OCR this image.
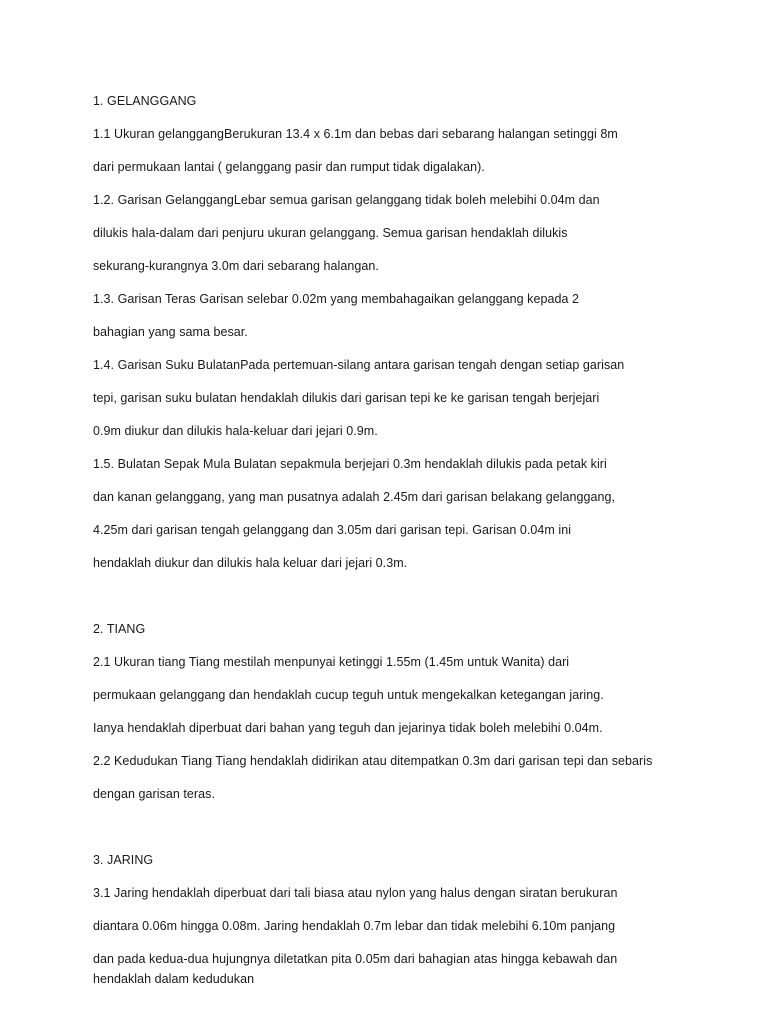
1. GELANGGANG
1.1 Ukuran gelanggangBerukuran 13.4 x 6.1m dan bebas dari sebarang halangan setinggi 8m
dari permukaan lantai ( gelanggang pasir dan rumput tidak digalakan).
1.2. Garisan GelanggangLebar semua garisan gelanggang tidak boleh melebihi 0.04m dan
dilukis hala-dalam dari penjuru ukuran gelanggang. Semua garisan hendaklah dilukis
sekurang-kurangnya 3.0m dari sebarang halangan.
1.3. Garisan Teras Garisan selebar 0.02m yang membahagaikan gelanggang kepada 2
bahagian yang sama besar.
1.4. Garisan Suku BulatanPada pertemuan-silang antara garisan tengah dengan setiap garisan
tepi, garisan suku bulatan hendaklah dilukis dari garisan tepi ke ke garisan tengah berjejari
0.9m diukur dan dilukis hala-keluar dari jejari 0.9m.
1.5. Bulatan Sepak Mula Bulatan sepakmula berjejari 0.3m hendaklah dilukis pada petak kiri
dan kanan gelanggang, yang man pusatnya adalah 2.45m dari garisan belakang gelanggang,
4.25m dari garisan tengah gelanggang dan 3.05m dari garisan tepi. Garisan 0.04m ini
hendaklah diukur dan dilukis hala keluar dari jejari 0.3m.
2. TIANG
2.1 Ukuran tiang Tiang mestilah menpunyai ketinggi 1.55m (1.45m untuk Wanita) dari
permukaan gelanggang dan hendaklah cucup teguh untuk mengekalkan ketegangan jaring.
Ianya hendaklah diperbuat dari bahan yang teguh dan jejarinya tidak boleh melebihi 0.04m.
2.2 Kedudukan Tiang Tiang hendaklah didirikan atau ditempatkan 0.3m dari garisan tepi dan sebaris
dengan garisan teras.
3. JARING
3.1 Jaring hendaklah diperbuat dari tali biasa atau nylon yang halus dengan siratan berukuran
diantara 0.06m hingga 0.08m. Jaring hendaklah 0.7m lebar dan tidak melebihi 6.10m panjang
dan pada kedua-dua hujungnya diletatkan pita 0.05m dari bahagian atas hingga kebawah dan
hendaklah dalam kedudukan
